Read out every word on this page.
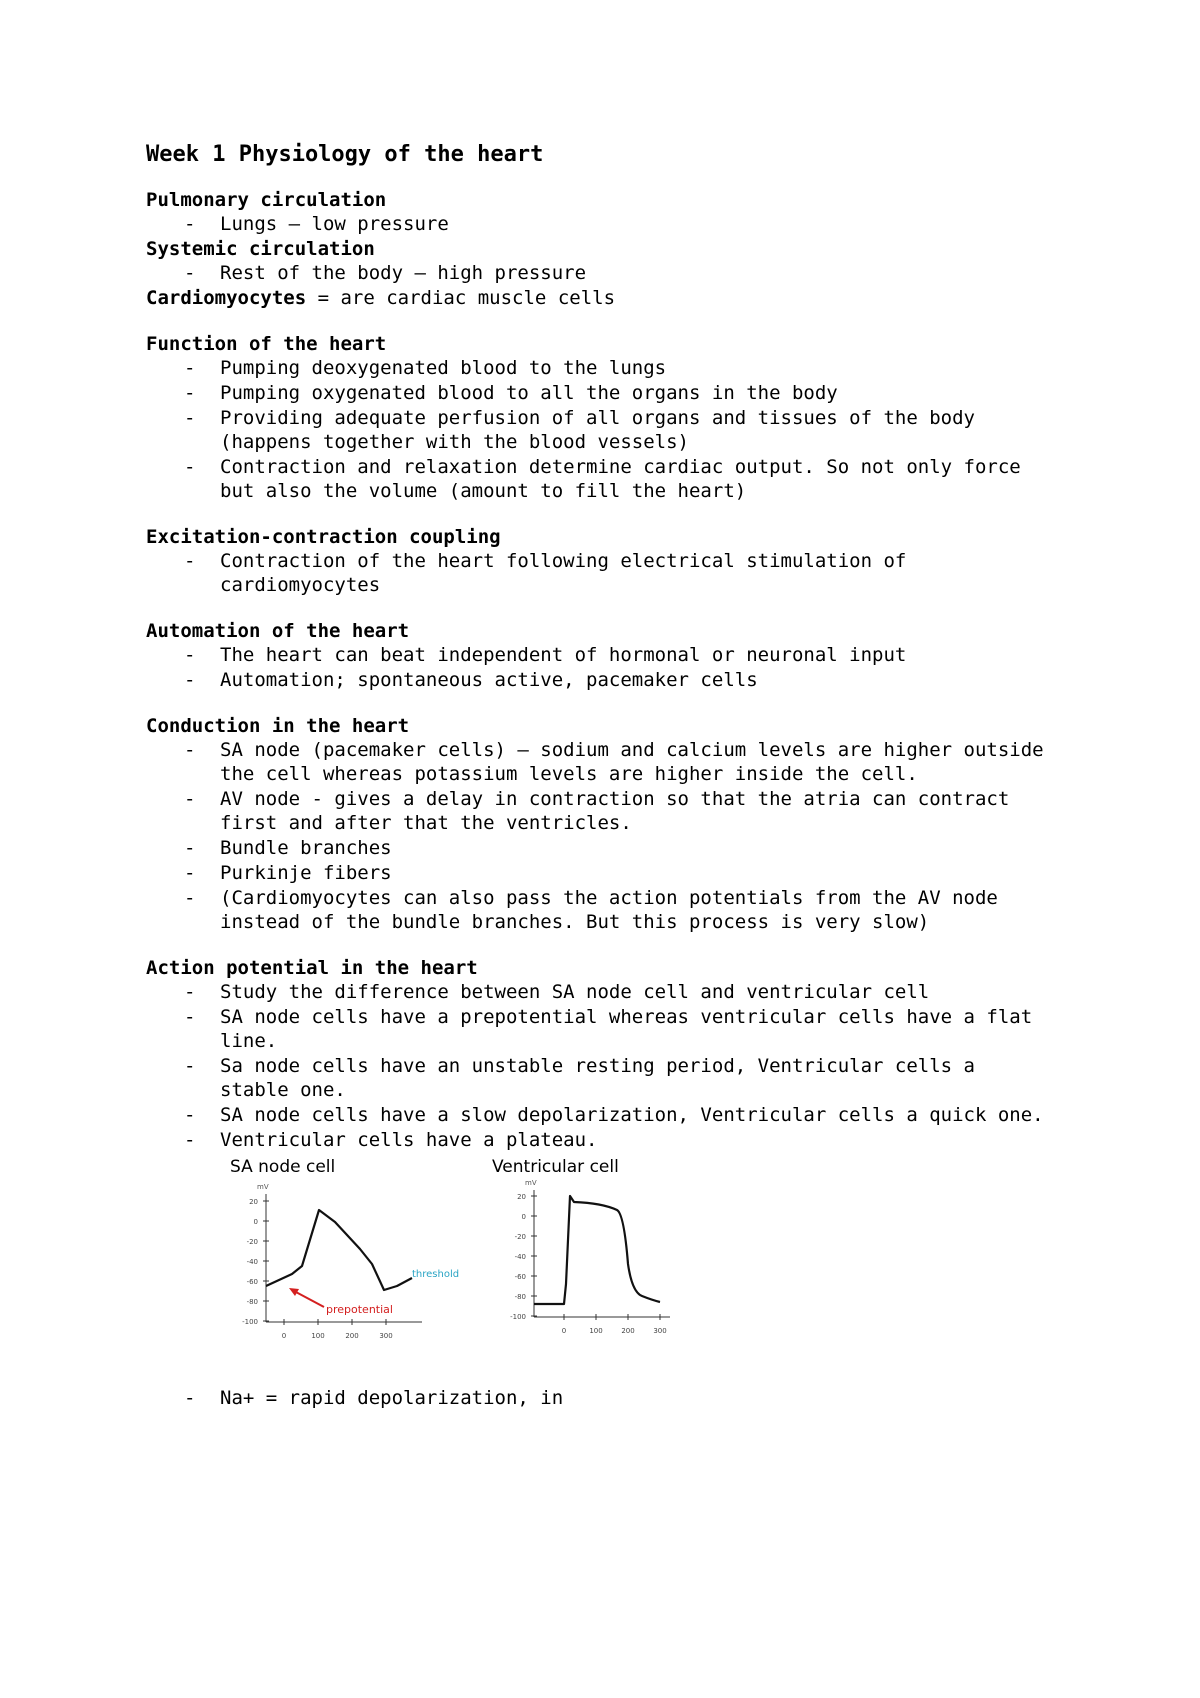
Week 1 Physiology of the heart
Pulmonary circulation
- Lungs – low pressure
Systemic circulation
- Rest of the body – high pressure

Cardiomyocytes = are cardiac muscle cells

Function of the heart
- Pumping deoxygenated blood to the lungs
- Pumping oxygenated blood to all the organs in the body
- Providing adequate perfusion of all organs and tissues of the body (happens together with the blood vessels)
- Contraction and relaxation determine cardiac output. So not only force but also the volume (amount to fill the heart)
Excitation-contraction coupling
- Contraction of the heart following electrical stimulation of cardiomyocytes
Automation of the heart
- The heart can beat independent of hormonal or neuronal input
- Automation; spontaneous active, pacemaker cells
Conduction in the heart
- SA node (pacemaker cells) – sodium and calcium levels are higher outside the cell whereas potassium levels are higher inside the cell.
- AV node - gives a delay in contraction so that the atria can contract first and after that the ventricles.
- Bundle branches
- Purkinje fibers
- (Cardiomyocytes can also pass the action potentials from the AV node instead of the bundle branches. But this process is very slow)
Action potential in the heart
- Study the difference between SA node cell and ventricular cell
- SA node cells have a prepotential whereas ventricular cells have a flat line.
- Sa node cells have an unstable resting period, Ventricular cells a stable one.
- SA node cells have a slow depolarization, Ventricular cells a quick one.
- Ventricular cells have a plateau.
SA node cell
mV
20
0
-20
-40
-60
-80
-100
0	100	200	300
threshold
prepotential
Ventricular cell
mV
20
0
-20
-40
-60
-80
-100
0	100	200	300
- Na+ = rapid depolarization, in
